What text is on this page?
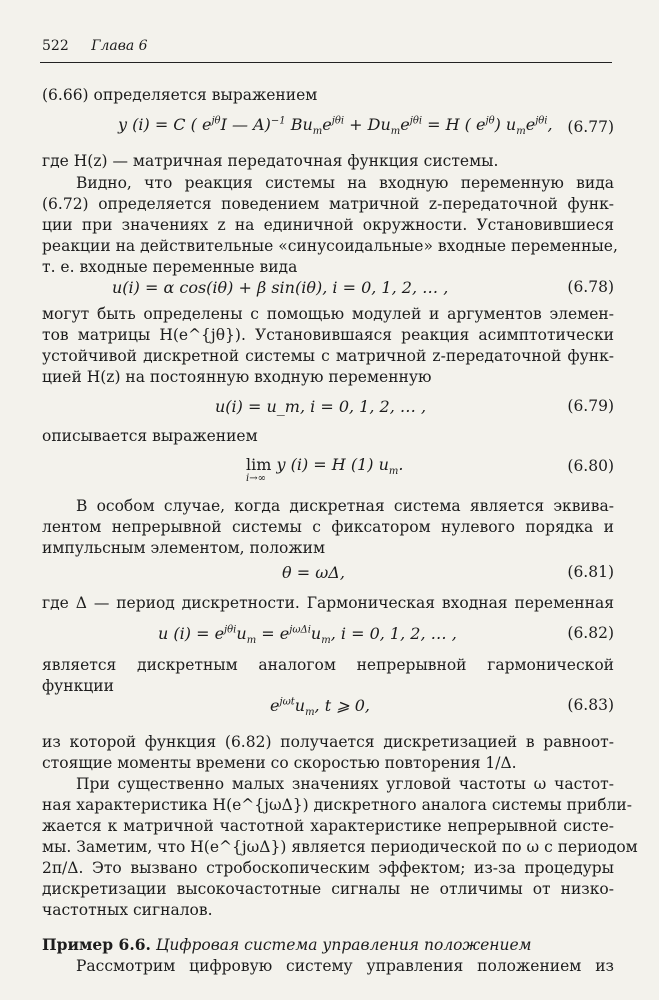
522 Глава 6
(6.66) определяется выражением
y (i) = C ( $e^{j\theta}I$ — A)$^{-1}$ $Bu_me^{j\theta i} + Du_me^{j\theta i} = H$ ( $e^{j\theta}$) $u_me^{j\theta i}$, (6.77)
где H(z) — матричная передаточная функция системы.
Видно, что реакция системы на входную переменную вида
(6.72) определяется поведением матричной z-передаточной функ-
ции при значениях z на единичной окружности. Установившиеся
реакции на действительные «синусоидальные» входные переменные,
т. е. входные переменные вида
u(i) = α cos(iθ) + β sin(iθ), i = 0, 1, 2, … ,	(6.78)
могут быть определены с помощью модулей и аргументов элемен-
тов матрицы H(e^{jθ}). Установившаяся реакция асимптотически
устойчивой дискретной системы с матричной z-передаточной функ-
цией H(z) на постоянную входную переменную
u(i) = u_m, i = 0, 1, 2, … ,	(6.79)
описывается выражением
lim y (i) = H (1) $u_m$.
i→∞
(6.80)
В особом случае, когда дискретная система является эквива-
лентом непрерывной системы с фиксатором нулевого порядка и
импульсным элементом, положим
θ = ωΔ,	(6.81)
где Δ — период дискретности. Гармоническая входная переменная
u $(i) = e^{j\theta i}u_m = e^{j\omega\Delta i}u_m$, i = 0, 1, 2, … ,	(6.82)
является дискретным аналогом непрерывной гармонической
функции
$e^{j\omega t}u_m$, t ⩾ 0,	(6.83)
из которой функция (6.82) получается дискретизацией в равноот-
стоящие моменты времени со скоростью повторения 1/Δ.
При существенно малых значениях угловой частоты ω частот-
ная характеристика H(e^{jωΔ}) дискретного аналога системы прибли-
жается к матричной частотной характеристике непрерывной систе-
мы. Заметим, что H(e^{jωΔ}) является периодической по ω с периодом
2π/Δ. Это вызвано стробоскопическим эффектом; из-за процедуры
дискретизации высокочастотные сигналы не отличимы от низко-
частотных сигналов.
Пример 6.6. Цифровая система управления положением
Рассмотрим цифровую систему управления положением из
